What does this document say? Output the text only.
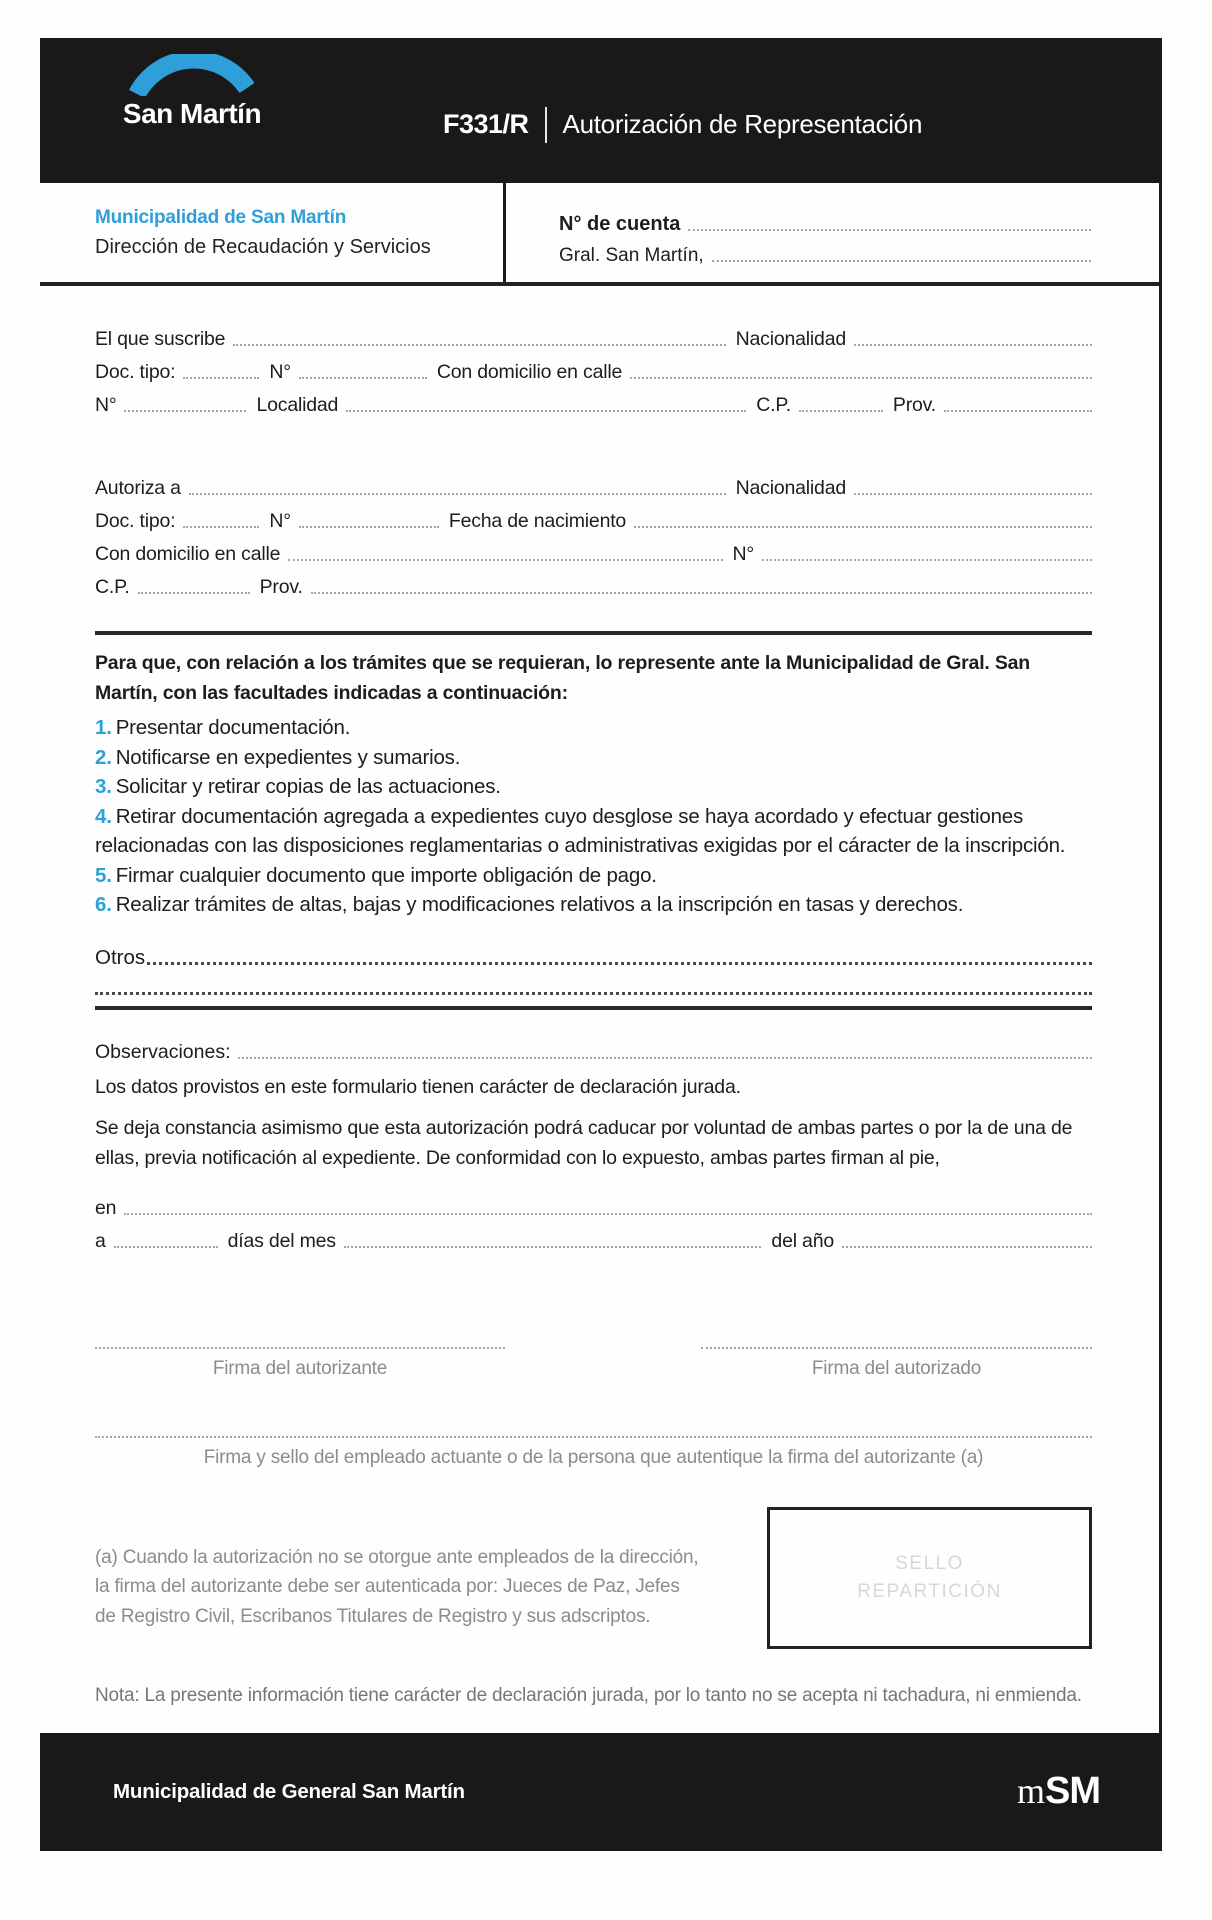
San Martín	F331/R Autorización de Representación
Municipalidad de San Martín
Dirección de Recaudación y Servicios
N° de cuenta
Gral. San Martín,
El que suscribe	Nacionalidad
Doc. tipo:	N°	Con domicilio en calle
N°	Localidad	C.P.	Prov.
Autoriza a	Nacionalidad
Doc. tipo:	N°	Fecha de nacimiento
Con domicilio en calle	N°
C.P.	Prov.
Para que, con relación a los trámites que se requieran, lo represente ante la Municipalidad de Gral. San Martín, con las facultades indicadas a continuación:
1. Presentar documentación.
2. Notificarse en expedientes y sumarios.
3. Solicitar y retirar copias de las actuaciones.
4. Retirar documentación agregada a expedientes cuyo desglose se haya acordado y efectuar gestiones relacionadas con las disposiciones reglamentarias o administrativas exigidas por el cáracter de la inscripción.
5. Firmar cualquier documento que importe obligación de pago.
6. Realizar trámites de altas, bajas y modificaciones relativos a la inscripción en tasas y derechos.
Otros
Observaciones:
Los datos provistos en este formulario tienen carácter de declaración jurada.
Se deja constancia asimismo que esta autorización podrá caducar por voluntad de ambas partes o por la de una de ellas, previa notificación al expediente. De conformidad con lo expuesto, ambas partes firman al pie,
en
a	días del mes	del año
Firma del autorizante	Firma del autorizado
Firma y sello del empleado actuante o de la persona que autentique la firma del autorizante (a)
(a) Cuando la autorización no se otorgue ante empleados de la dirección, la firma del autorizante debe ser autenticada por: Jueces de Paz, Jefes de Registro Civil, Escribanos Titulares de Registro y sus adscriptos.
SELLO
REPARTICIÓN
Nota: La presente información tiene carácter de declaración jurada, por lo tanto no se acepta ni tachadura, ni enmienda.
Municipalidad de General San Martín	m SM
